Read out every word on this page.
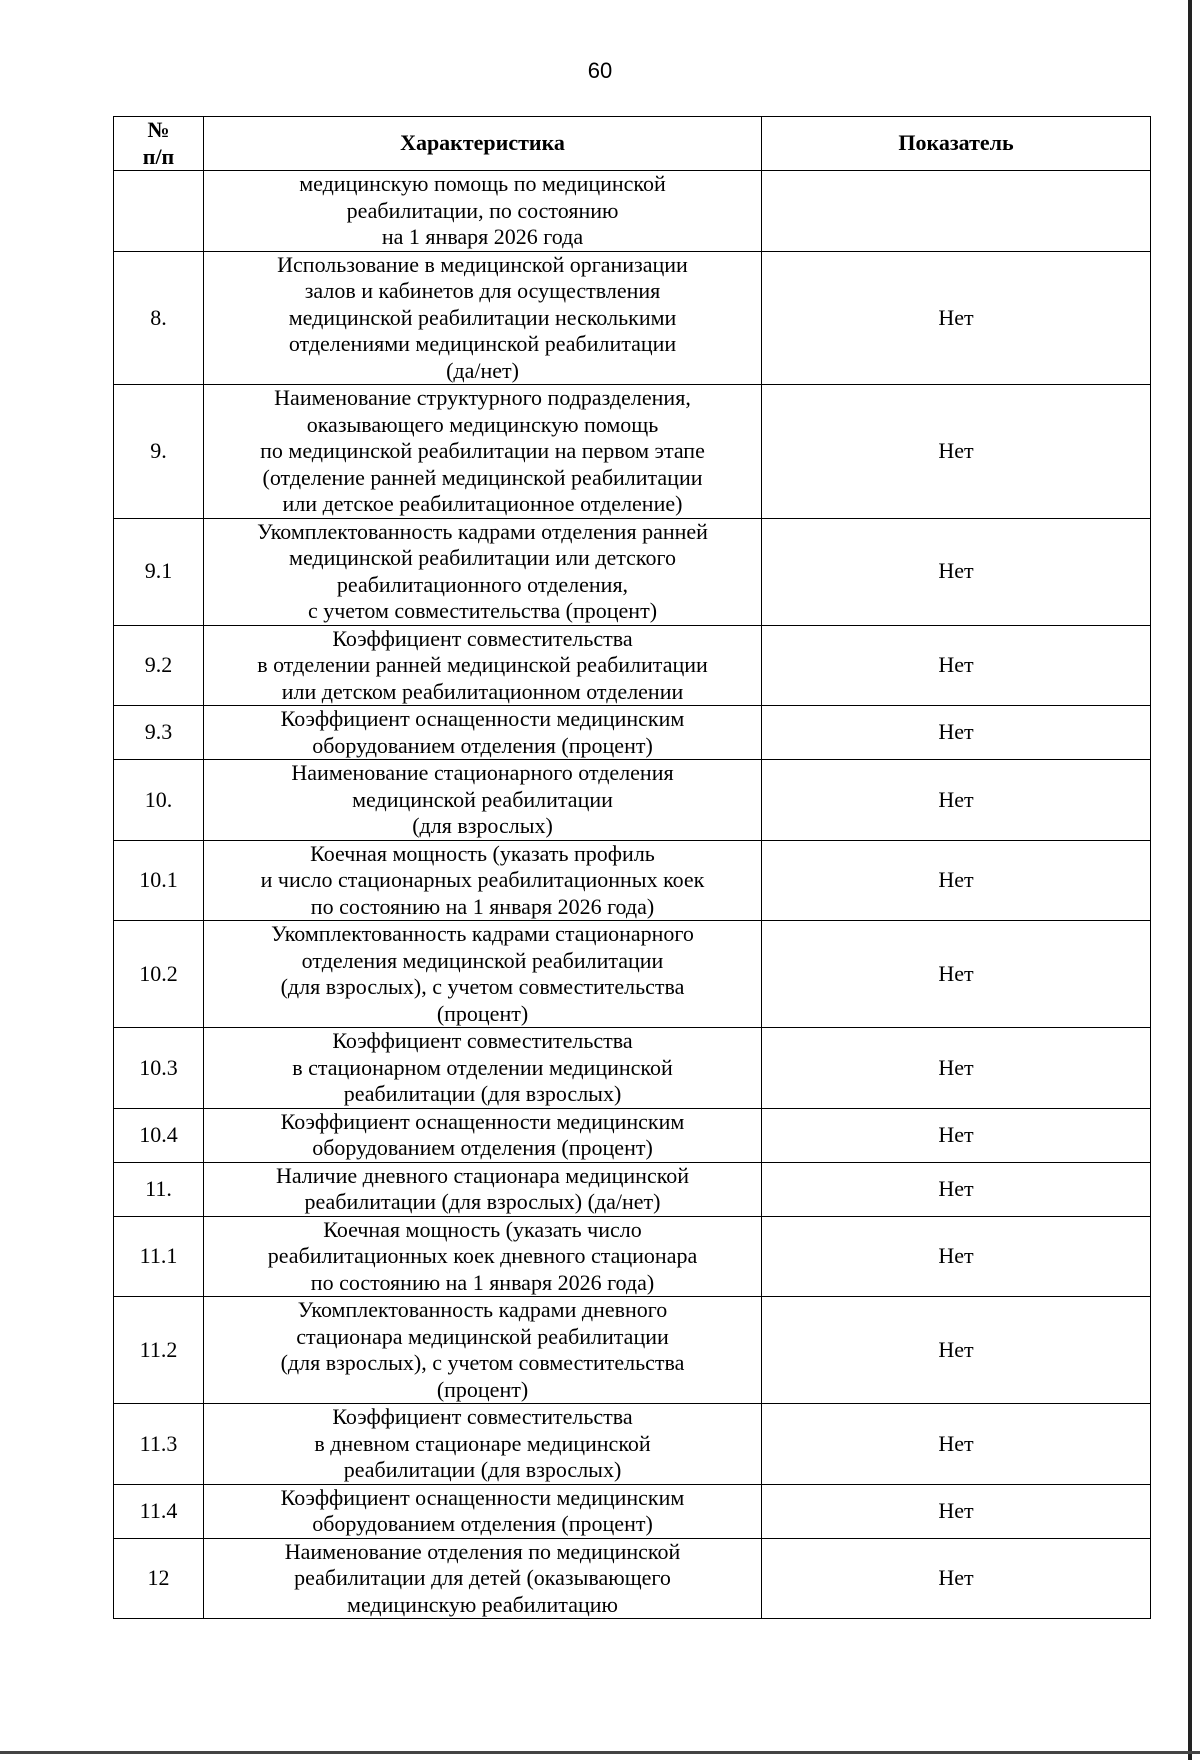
60
№
п/п	Характеристика	Показатель
	медицинскую помощь по медицинской
реабилитации, по состоянию
на 1 января 2026 года	
8.	Использование в медицинской организации
залов и кабинетов для осуществления
медицинской реабилитации несколькими
отделениями медицинской реабилитации
(да/нет)	Нет
9.	Наименование структурного подразделения,
оказывающего медицинскую помощь
по медицинской реабилитации на первом этапе
(отделение ранней медицинской реабилитации
или детское реабилитационное отделение)	Нет
9.1	Укомплектованность кадрами отделения ранней
медицинской реабилитации или детского
реабилитационного отделения,
с учетом совместительства (процент)	Нет
9.2	Коэффициент совместительства
в отделении ранней медицинской реабилитации
или детском реабилитационном отделении	Нет
9.3	Коэффициент оснащенности медицинским
оборудованием отделения (процент)	Нет
10.	Наименование стационарного отделения
медицинской реабилитации
(для взрослых)	Нет
10.1	Коечная мощность (указать профиль
и число стационарных реабилитационных коек
по состоянию на 1 января 2026 года)	Нет
10.2	Укомплектованность кадрами стационарного
отделения медицинской реабилитации
(для взрослых), с учетом совместительства
(процент)	Нет
10.3	Коэффициент совместительства
в стационарном отделении медицинской
реабилитации (для взрослых)	Нет
10.4	Коэффициент оснащенности медицинским
оборудованием отделения (процент)	Нет
11.	Наличие дневного стационара медицинской
реабилитации (для взрослых) (да/нет)	Нет
11.1	Коечная мощность (указать число
реабилитационных коек дневного стационара
по состоянию на 1 января 2026 года)	Нет
11.2	Укомплектованность кадрами дневного
стационара медицинской реабилитации
(для взрослых), с учетом совместительства
(процент)	Нет
11.3	Коэффициент совместительства
в дневном стационаре медицинской
реабилитации (для взрослых)	Нет
11.4	Коэффициент оснащенности медицинским
оборудованием отделения (процент)	Нет
12	Наименование отделения по медицинской
реабилитации для детей (оказывающего
медицинскую реабилитацию	Нет
